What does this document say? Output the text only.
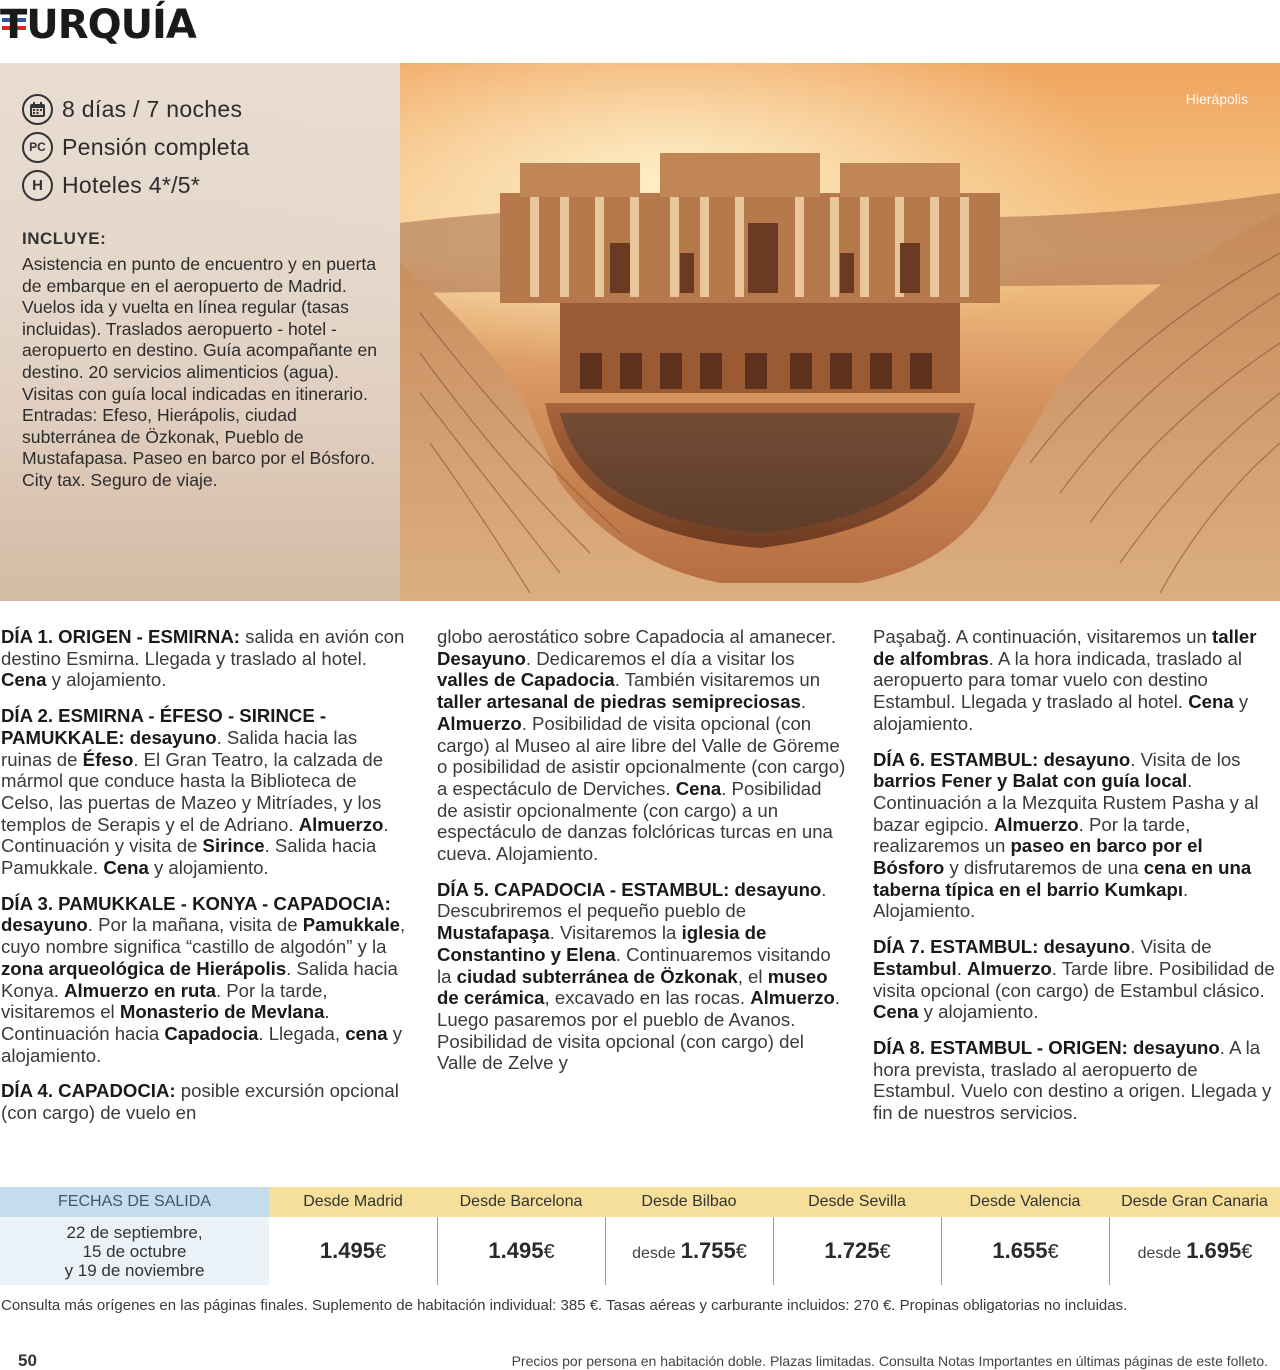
TURQUÍA
8 días / 7 noches
PC Pensión completa
H Hoteles 4*/5*
INCLUYE:
Asistencia en punto de encuentro y en puerta de embarque en el aeropuerto de Madrid. Vuelos ida y vuelta en línea regular (tasas incluidas). Traslados aeropuerto - hotel - aeropuerto en destino. Guía acompañante en destino. 20 servicios alimenticios (agua). Visitas con guía local indicadas en itinerario. Entradas: Efeso, Hierápolis, ciudad subterránea de Özkonak, Pueblo de Mustafapasa. Paseo en barco por el Bósforo. City tax. Seguro de viaje.
Hierápolis

DÍA 1. ORIGEN - ESMIRNA: salida en avión con destino Esmirna. Llegada y traslado al hotel. Cena y alojamiento.

DÍA 2. ESMIRNA - ÉFESO - SIRINCE - PAMUKKALE: desayuno. Salida hacia las ruinas de Éfeso. El Gran Teatro, la calzada de mármol que conduce hasta la Biblioteca de Celso, las puertas de Mazeo y Mitríades, y los templos de Serapis y el de Adriano. Almuerzo. Continuación y visita de Sirince. Salida hacia Pamukkale. Cena y alojamiento.

DÍA 3. PAMUKKALE - KONYA - CAPADOCIA: desayuno. Por la mañana, visita de Pamukkale, cuyo nombre significa “castillo de algodón” y la zona arqueológica de Hierápolis. Salida hacia Konya. Almuerzo en ruta. Por la tarde, visitaremos el Monasterio de Mevlana. Continuación hacia Capadocia. Llegada, cena y alojamiento.

DÍA 4. CAPADOCIA: posible excursión opcional (con cargo) de vuelo en

globo aerostático sobre Capadocia al amanecer. Desayuno. Dedicaremos el día a visitar los valles de Capadocia. También visitaremos un taller artesanal de piedras semipreciosas. Almuerzo. Posibilidad de visita opcional (con cargo) al Museo al aire libre del Valle de Göreme o posibilidad de asistir opcionalmente (con cargo) a espectáculo de Derviches. Cena. Posibilidad de asistir opcionalmente (con cargo) a un espectáculo de danzas folclóricas turcas en una cueva. Alojamiento.

DÍA 5. CAPADOCIA - ESTAMBUL: desayuno. Descubriremos el pequeño pueblo de Mustafapaşa. Visitaremos la iglesia de Constantino y Elena. Continuaremos visitando la ciudad subterránea de Özkonak, el museo de cerámica, excavado en las rocas. Almuerzo. Luego pasaremos por el pueblo de Avanos. Posibilidad de visita opcional (con cargo) del Valle de Zelve y

Paşabağ. A continuación, visitaremos un taller de alfombras. A la hora indicada, traslado al aeropuerto para tomar vuelo con destino Estambul. Llegada y traslado al hotel. Cena y alojamiento.

DÍA 6. ESTAMBUL: desayuno. Visita de los barrios Fener y Balat con guía local. Continuación a la Mezquita Rustem Pasha y al bazar egipcio. Almuerzo. Por la tarde, realizaremos un paseo en barco por el Bósforo y disfrutaremos de una cena en una taberna típica en el barrio Kumkapı. Alojamiento.

DÍA 7. ESTAMBUL: desayuno. Visita de Estambul. Almuerzo. Tarde libre. Posibilidad de visita opcional (con cargo) de Estambul clásico. Cena y alojamiento.

DÍA 8. ESTAMBUL - ORIGEN: desayuno. A la hora prevista, traslado al aeropuerto de Estambul. Vuelo con destino a origen. Llegada y fin de nuestros servicios.

FECHAS DE SALIDA	Desde Madrid	Desde Barcelona	Desde Bilbao	Desde Sevilla	Desde Valencia	Desde Gran Canaria
22 de septiembre,
15 de octubre
y 19 de noviembre
1.495€	1.495€	desde 1.755€	1.725€	1.655€	desde 1.695€
Consulta más orígenes en las páginas finales. Suplemento de habitación individual: 385 €. Tasas aéreas y carburante incluidos: 270 €. Propinas obligatorias no incluidas.
50	Precios por persona en habitación doble. Plazas limitadas. Consulta Notas Importantes en últimas páginas de este folleto.
